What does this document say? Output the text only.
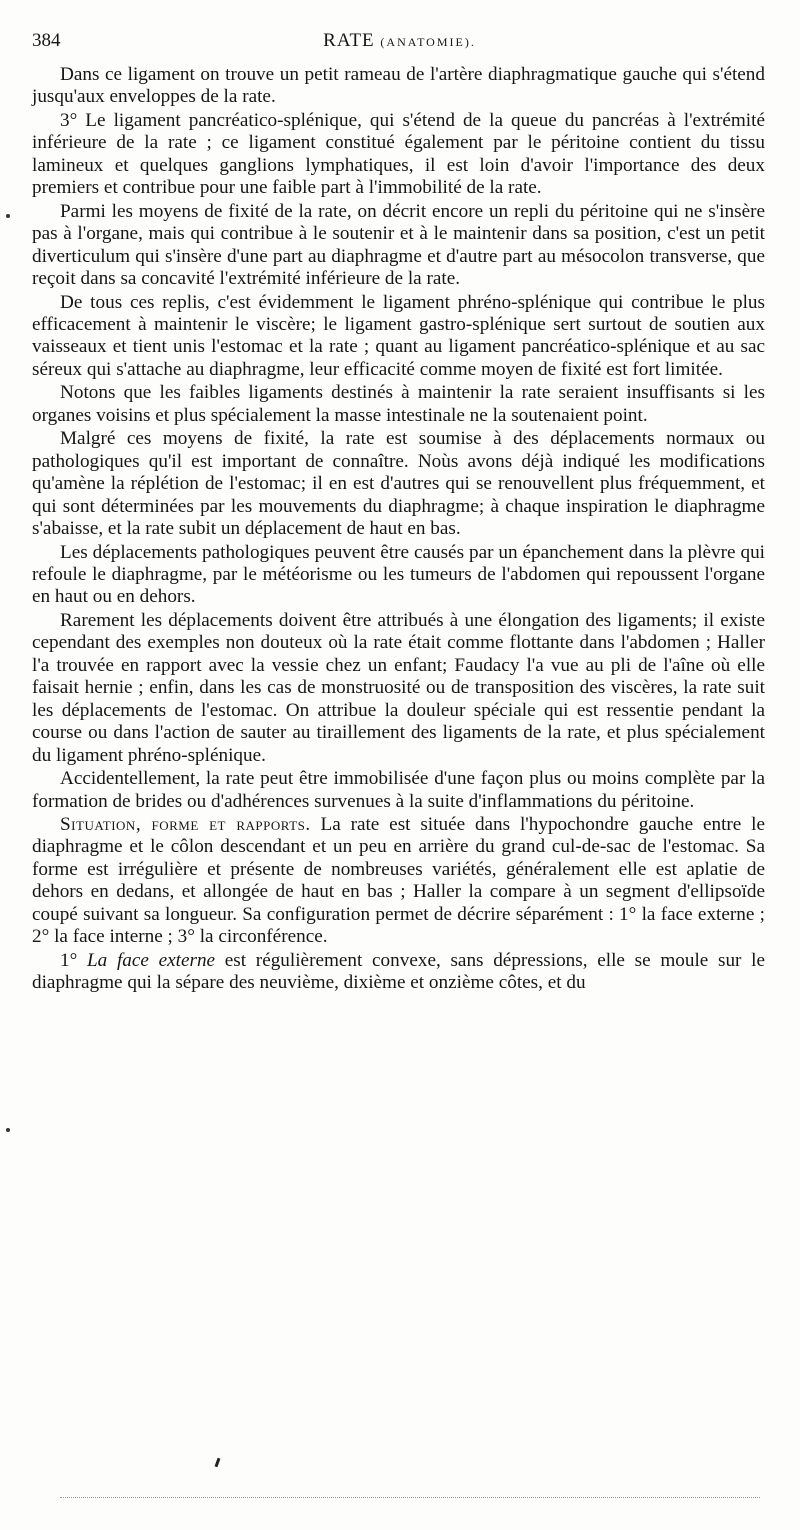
384	RATE (ANATOMIE).

Dans ce ligament on trouve un petit rameau de l'artère diaphragmatique gauche qui s'étend jusqu'aux enveloppes de la rate.

3° Le ligament pancréatico-splénique, qui s'étend de la queue du pancréas à l'extrémité inférieure de la rate ; ce ligament constitué également par le péritoine contient du tissu lamineux et quelques ganglions lymphatiques, il est loin d'avoir l'importance des deux premiers et contribue pour une faible part à l'immobilité de la rate.

Parmi les moyens de fixité de la rate, on décrit encore un repli du péritoine qui ne s'insère pas à l'organe, mais qui contribue à le soutenir et à le maintenir dans sa position, c'est un petit diverticulum qui s'insère d'une part au diaphragme et d'autre part au mésocolon transverse, que reçoit dans sa concavité l'extrémité inférieure de la rate.

De tous ces replis, c'est évidemment le ligament phréno-splénique qui contribue le plus efficacement à maintenir le viscère; le ligament gastro-splénique sert surtout de soutien aux vaisseaux et tient unis l'estomac et la rate ; quant au ligament pancréatico-splénique et au sac séreux qui s'attache au diaphragme, leur efficacité comme moyen de fixité est fort limitée.

Notons que les faibles ligaments destinés à maintenir la rate seraient insuffisants si les organes voisins et plus spécialement la masse intestinale ne la soutenaient point.

Malgré ces moyens de fixité, la rate est soumise à des déplacements normaux ou pathologiques qu'il est important de connaître. Noùs avons déjà indiqué les modifications qu'amène la réplétion de l'estomac; il en est d'autres qui se renouvellent plus fréquemment, et qui sont déterminées par les mouvements du diaphragme; à chaque inspiration le diaphragme s'abaisse, et la rate subit un déplacement de haut en bas.

Les déplacements pathologiques peuvent être causés par un épanchement dans la plèvre qui refoule le diaphragme, par le météorisme ou les tumeurs de l'abdomen qui repoussent l'organe en haut ou en dehors.

Rarement les déplacements doivent être attribués à une élongation des ligaments; il existe cependant des exemples non douteux où la rate était comme flottante dans l'abdomen ; Haller l'a trouvée en rapport avec la vessie chez un enfant; Faudacy l'a vue au pli de l'aîne où elle faisait hernie ; enfin, dans les cas de monstruosité ou de transposition des viscères, la rate suit les déplacements de l'estomac. On attribue la douleur spéciale qui est ressentie pendant la course ou dans l'action de sauter au tiraillement des ligaments de la rate, et plus spécialement du ligament phréno-splénique.

Accidentellement, la rate peut être immobilisée d'une façon plus ou moins complète par la formation de brides ou d'adhérences survenues à la suite d'inflammations du péritoine.

Situation, forme et rapports. La rate est située dans l'hypochondre gauche entre le diaphragme et le côlon descendant et un peu en arrière du grand cul-de-sac de l'estomac. Sa forme est irrégulière et présente de nombreuses variétés, généralement elle est aplatie de dehors en dedans, et allongée de haut en bas ; Haller la compare à un segment d'ellipsoïde coupé suivant sa longueur. Sa configuration permet de décrire séparément : 1° la face externe ; 2° la face interne ; 3° la circonférence.

1° La face externe est régulièrement convexe, sans dépressions, elle se moule sur le diaphragme qui la sépare des neuvième, dixième et onzième côtes, et du
